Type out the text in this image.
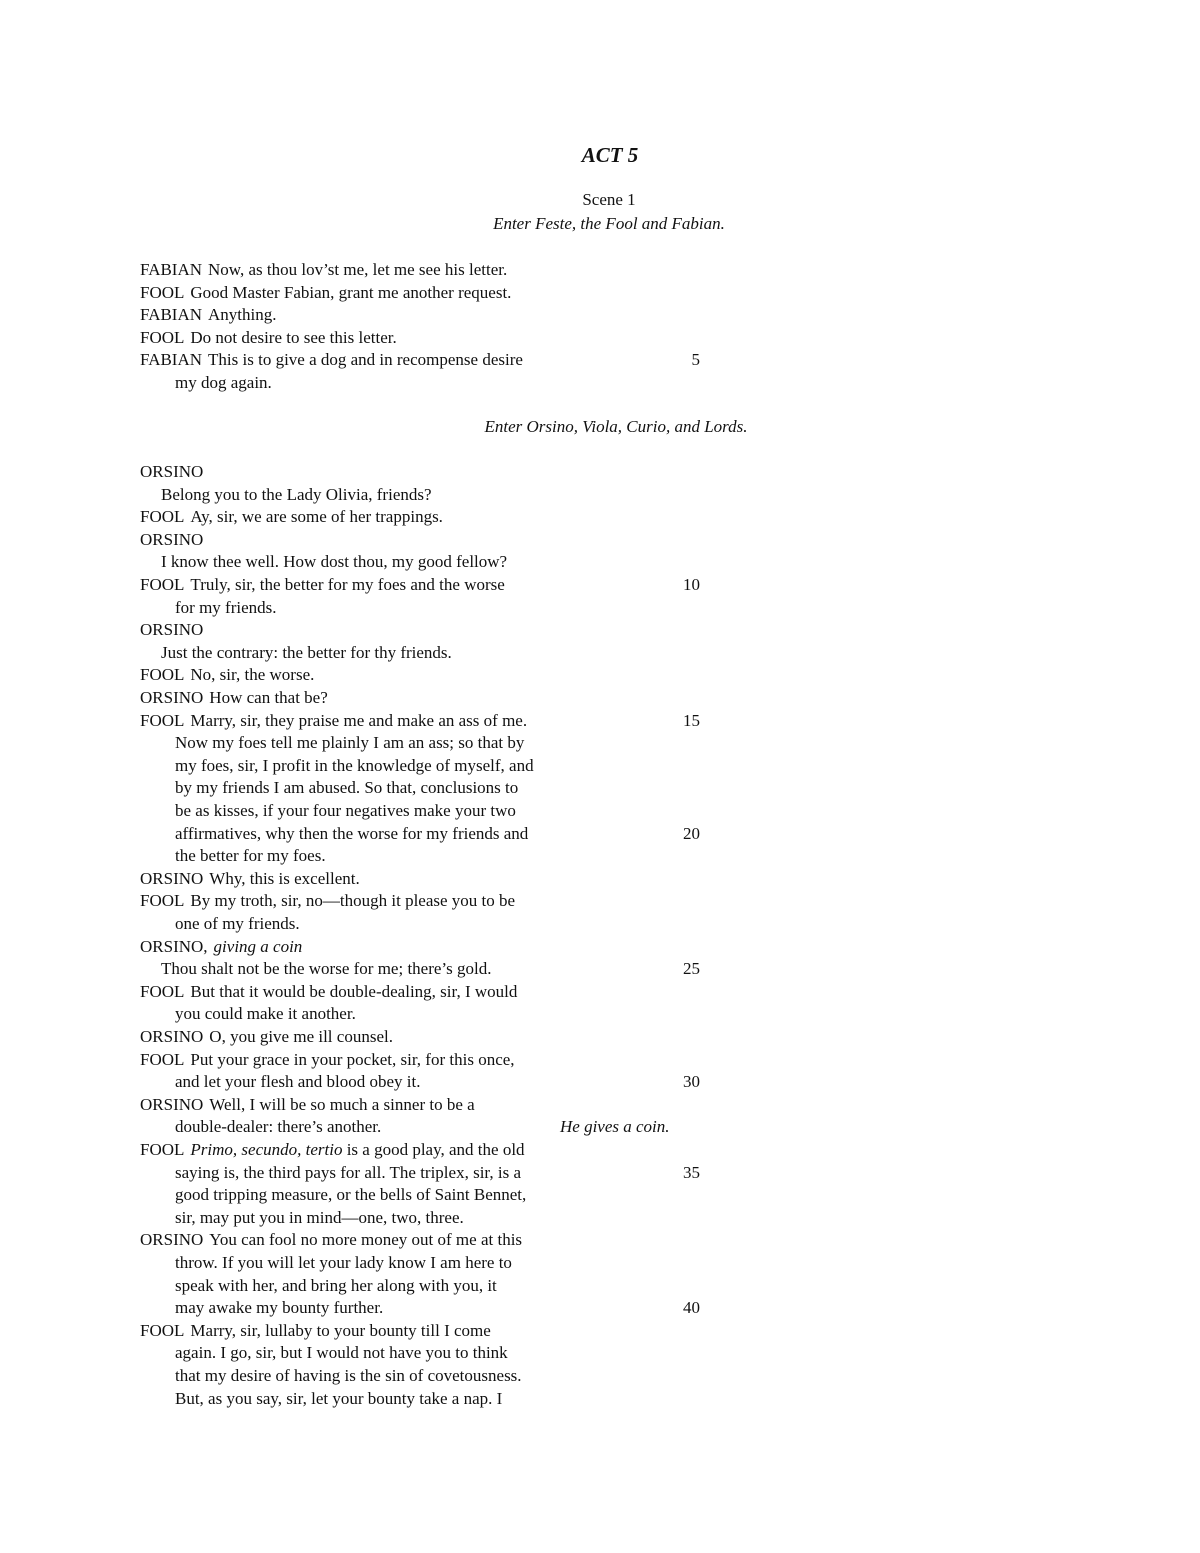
ACT 5
Scene 1
Enter Feste, the Fool and Fabian.
Enter Orsino, Viola, Curio, and Lords.
FABIAN Now, as thou lov’st me, let me see his letter.
FOOL Good Master Fabian, grant me another request.
FABIAN Anything.
FOOL Do not desire to see this letter.
FABIAN This is to give a dog and in recompense desire	5
my dog again.
ORSINO
Belong you to the Lady Olivia, friends?
FOOL Ay, sir, we are some of her trappings.
ORSINO
I know thee well. How dost thou, my good fellow?
FOOL Truly, sir, the better for my foes and the worse	10
for my friends.
ORSINO
Just the contrary: the better for thy friends.
FOOL No, sir, the worse.
ORSINO How can that be?
FOOL Marry, sir, they praise me and make an ass of me.	15
Now my foes tell me plainly I am an ass; so that by
my foes, sir, I profit in the knowledge of myself, and
by my friends I am abused. So that, conclusions to
be as kisses, if your four negatives make your two
affirmatives, why then the worse for my friends and	20
the better for my foes.
ORSINO Why, this is excellent.
FOOL By my troth, sir, no—though it please you to be
one of my friends.
ORSINO, giving a coin
Thou shalt not be the worse for me; there’s gold.	25
FOOL But that it would be double-dealing, sir, I would
you could make it another.
ORSINO O, you give me ill counsel.
FOOL Put your grace in your pocket, sir, for this once,
and let your flesh and blood obey it.	30
ORSINO Well, I will be so much a sinner to be a
double-dealer: there’s another.	He gives a coin.
FOOL Primo, secundo, tertio is a good play, and the old
saying is, the third pays for all. The triplex, sir, is a	35
good tripping measure, or the bells of Saint Bennet,
sir, may put you in mind—one, two, three.
ORSINO You can fool no more money out of me at this
throw. If you will let your lady know I am here to
speak with her, and bring her along with you, it
may awake my bounty further.	40
FOOL Marry, sir, lullaby to your bounty till I come
again. I go, sir, but I would not have you to think
that my desire of having is the sin of covetousness.
But, as you say, sir, let your bounty take a nap. I
